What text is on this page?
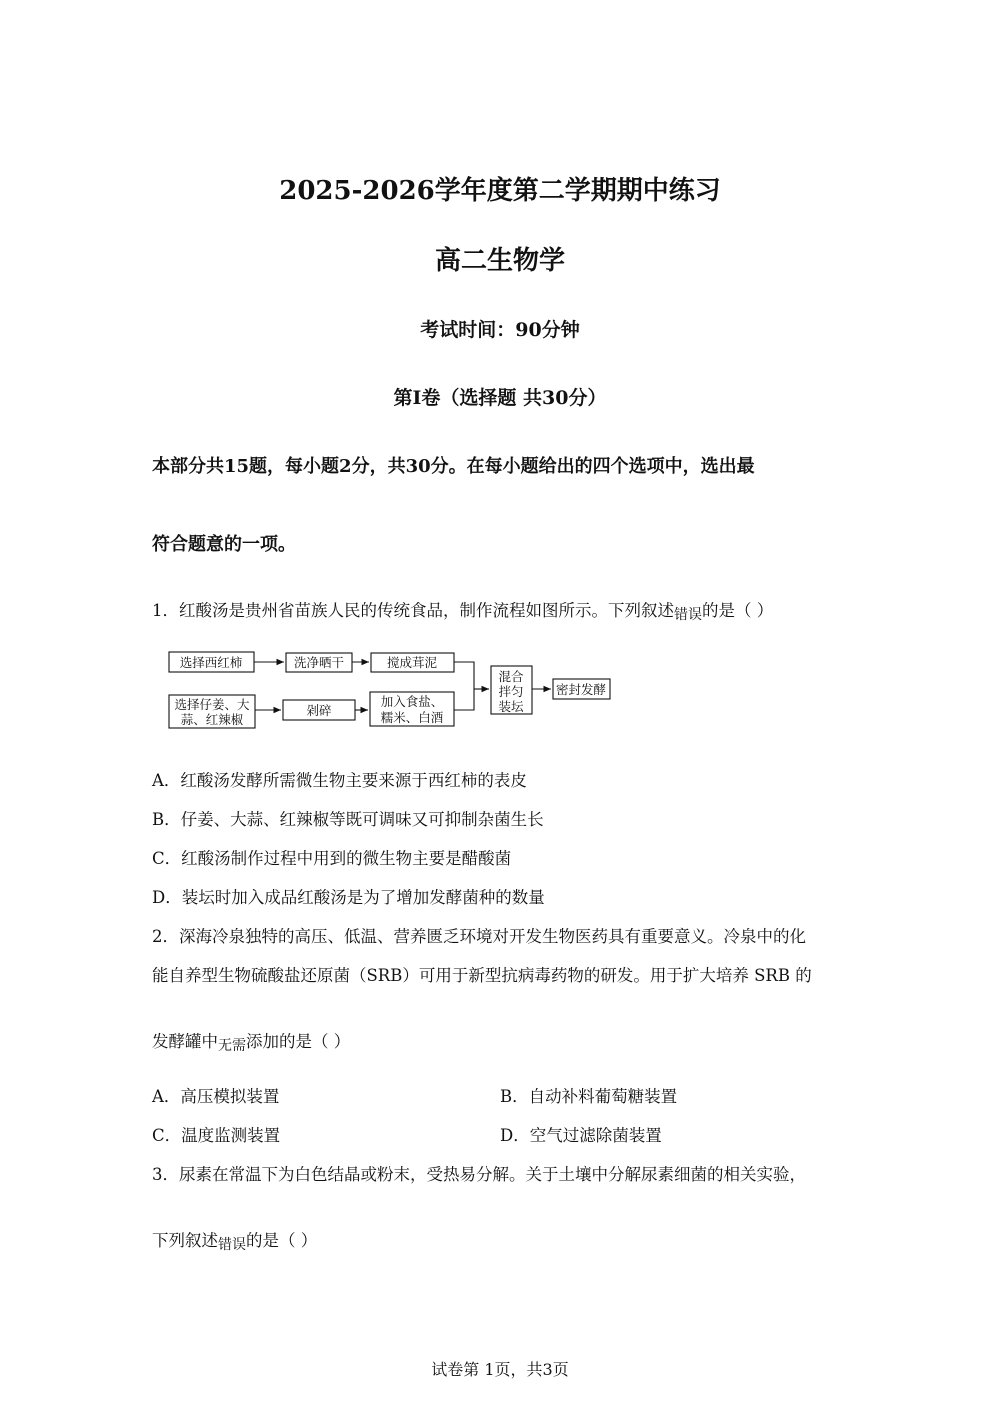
2025-2026学年度第二学期期中练习
高二生物学
考试时间：90分钟
第I卷（选择题 共30分）
本部分共15题，每小题2分，共30分。在每小题给出的四个选项中，选出最
符合题意的一项。
1．红酸汤是贵州省苗族人民的传统食品，制作流程如图所示。下列叙述错误的是（ ）
选择西红柿	洗净晒干	搅成茸泥
选择仔姜、大
蒜、红辣椒
剁碎
加入食盐、
糯米、白酒
混合
拌匀
装坛
密封发酵
A．红酸汤发酵所需微生物主要来源于西红柿的表皮
B．仔姜、大蒜、红辣椒等既可调味又可抑制杂菌生长
C．红酸汤制作过程中用到的微生物主要是醋酸菌
D．装坛时加入成品红酸汤是为了增加发酵菌种的数量
2．深海冷泉独特的高压、低温、营养匮乏环境对开发生物医药具有重要意义。冷泉中的化
能自养型生物硫酸盐还原菌（SRB）可用于新型抗病毒药物的研发。用于扩大培养 SRB 的
发酵罐中无需添加的是（ ）
A．高压模拟装置	B．自动补料葡萄糖装置
C．温度监测装置	D．空气过滤除菌装置
3．尿素在常温下为白色结晶或粉末，受热易分解。关于土壤中分解尿素细菌的相关实验，
下列叙述错误的是（ ）
试卷第 1页，共3页
